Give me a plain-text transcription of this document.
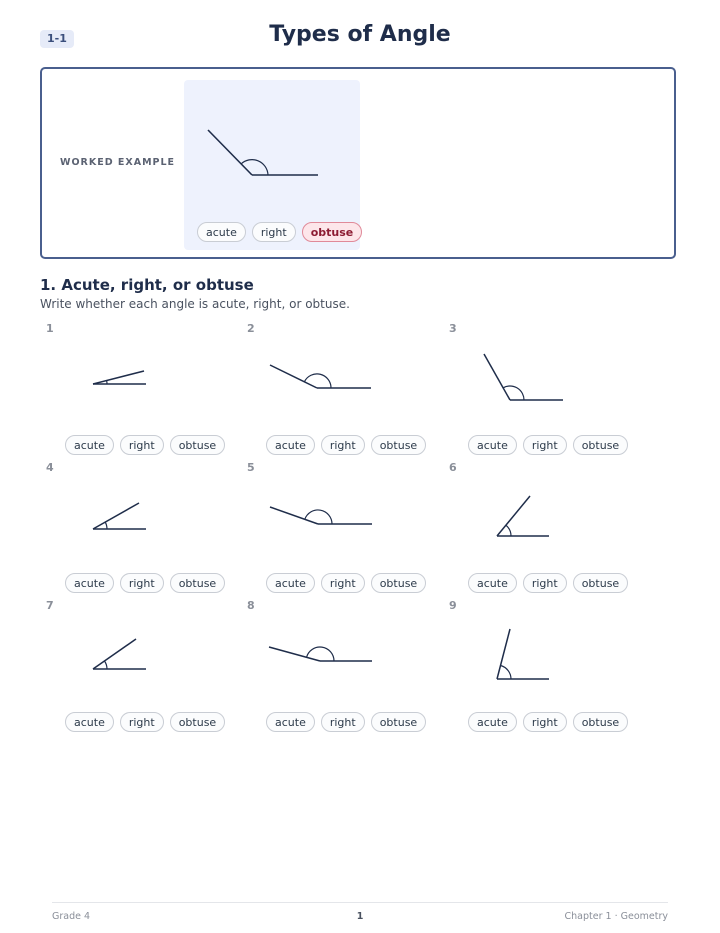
1-1	Types of Angle
WORKED EXAMPLE
acute	right	obtuse
1. Acute, right, or obtuse
Write whether each angle is acute, right, or obtuse.
1
acute	right	obtuse
2
acute	right	obtuse
3
acute	right	obtuse
4
acute	right	obtuse
5
acute	right	obtuse
6
acute	right	obtuse
7
acute	right	obtuse
8
acute	right	obtuse
9
acute	right	obtuse
Grade 4	1	Chapter 1 · Geometry
